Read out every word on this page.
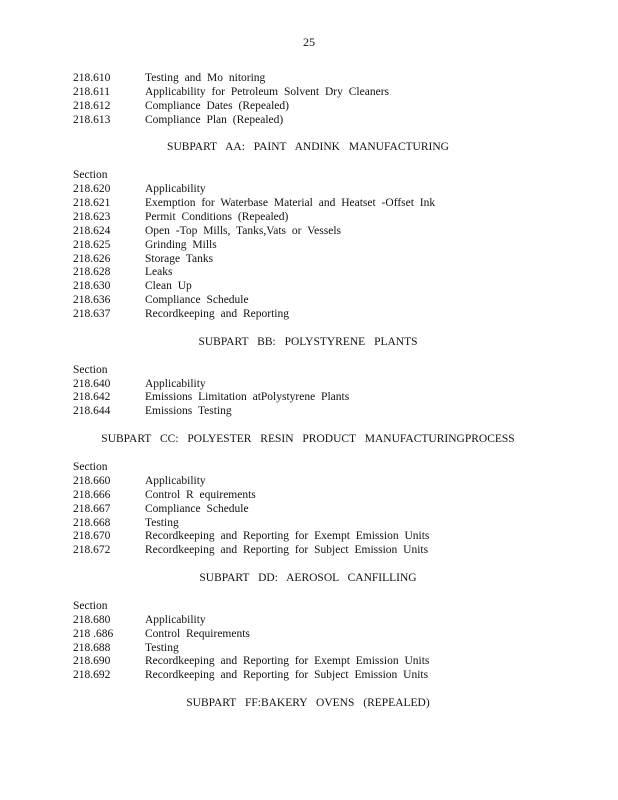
25
218.610	Testing and Mo nitoring
218.611	Applicability for Petroleum Solvent Dry Cleaners
218.612	Compliance Dates (Repealed)
218.613	Compliance Plan (Repealed)
SUBPART AA: PAINT ANDINK MANUFACTURING
Section
218.620	Applicability
218.621	Exemption for Waterbase Material and Heatset -Offset Ink
218.623	Permit Conditions (Repealed)
218.624	Open -Top Mills, Tanks,Vats or Vessels
218.625	Grinding Mills
218.626	Storage Tanks
218.628	Leaks
218.630	Clean Up
218.636	Compliance Schedule
218.637	Recordkeeping and Reporting
SUBPART BB: POLYSTYRENE PLANTS
Section
218.640	Applicability
218.642	Emissions Limitation atPolystyrene Plants
218.644	Emissions Testing
SUBPART CC: POLYESTER RESIN PRODUCT MANUFACTURINGPROCESS
Section
218.660	Applicability
218.666	Control R equirements
218.667	Compliance Schedule
218.668	Testing
218.670	Recordkeeping and Reporting for Exempt Emission Units
218.672	Recordkeeping and Reporting for Subject Emission Units
SUBPART DD: AEROSOL CANFILLING
Section
218.680	Applicability
218 .686	Control Requirements
218.688	Testing
218.690	Recordkeeping and Reporting for Exempt Emission Units
218.692	Recordkeeping and Reporting for Subject Emission Units
SUBPART FF:BAKERY OVENS (REPEALED)
